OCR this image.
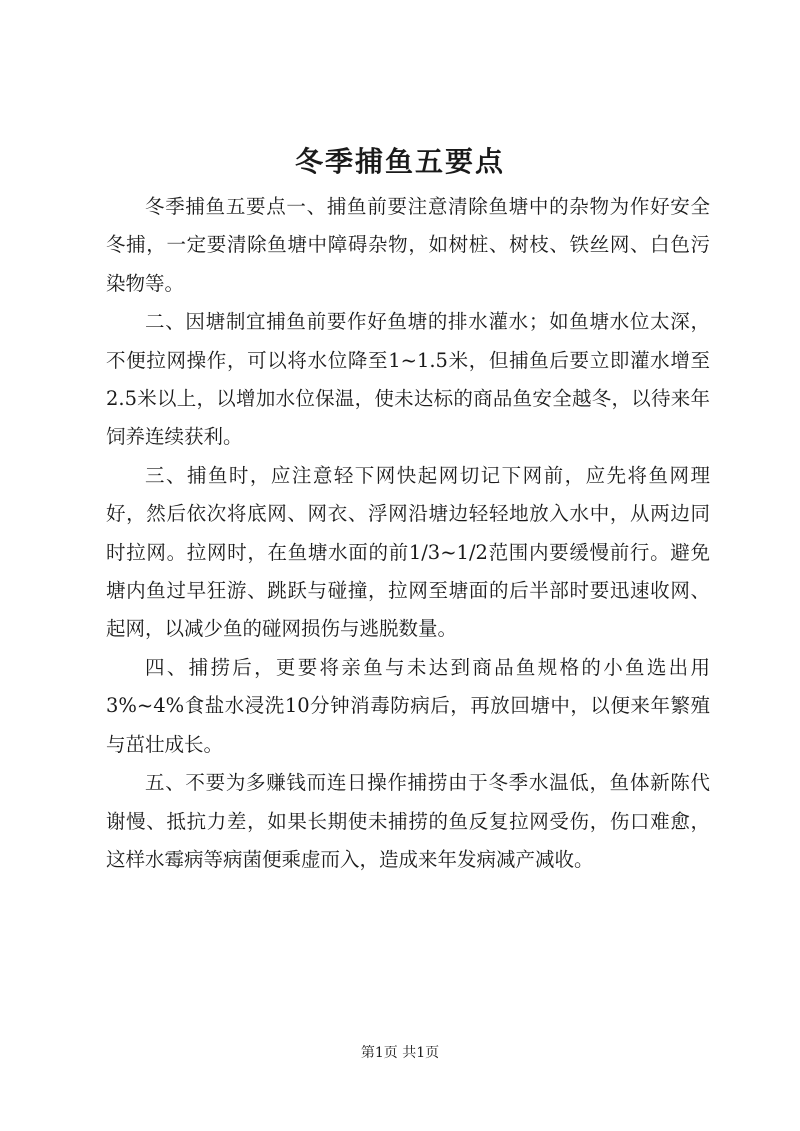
冬季捕鱼五要点

冬季捕鱼五要点一、捕鱼前要注意清除鱼塘中的杂物为作好安全冬捕，一定要清除鱼塘中障碍杂物，如树桩、树枝、铁丝网、白色污染物等。

二、因塘制宜捕鱼前要作好鱼塘的排水灌水；如鱼塘水位太深，不便拉网操作，可以将水位降至1~1.5米，但捕鱼后要立即灌水增至2.5米以上，以增加水位保温，使未达标的商品鱼安全越冬，以待来年饲养连续获利。

三、捕鱼时，应注意轻下网快起网切记下网前，应先将鱼网理好，然后依次将底网、网衣、浮网沿塘边轻轻地放入水中，从两边同时拉网。拉网时，在鱼塘水面的前1/3~1/2范围内要缓慢前行。避免塘内鱼过早狂游、跳跃与碰撞，拉网至塘面的后半部时要迅速收网、起网，以减少鱼的碰网损伤与逃脱数量。

四、捕捞后，更要将亲鱼与未达到商品鱼规格的小鱼选出用3%~4%食盐水浸洗10分钟消毒防病后，再放回塘中，以便来年繁殖与茁壮成长。

五、不要为多赚钱而连日操作捕捞由于冬季水温低，鱼体新陈代谢慢、抵抗力差，如果长期使未捕捞的鱼反复拉网受伤，伤口难愈，这样水霉病等病菌便乘虚而入，造成来年发病减产减收。

第1页 共1页
